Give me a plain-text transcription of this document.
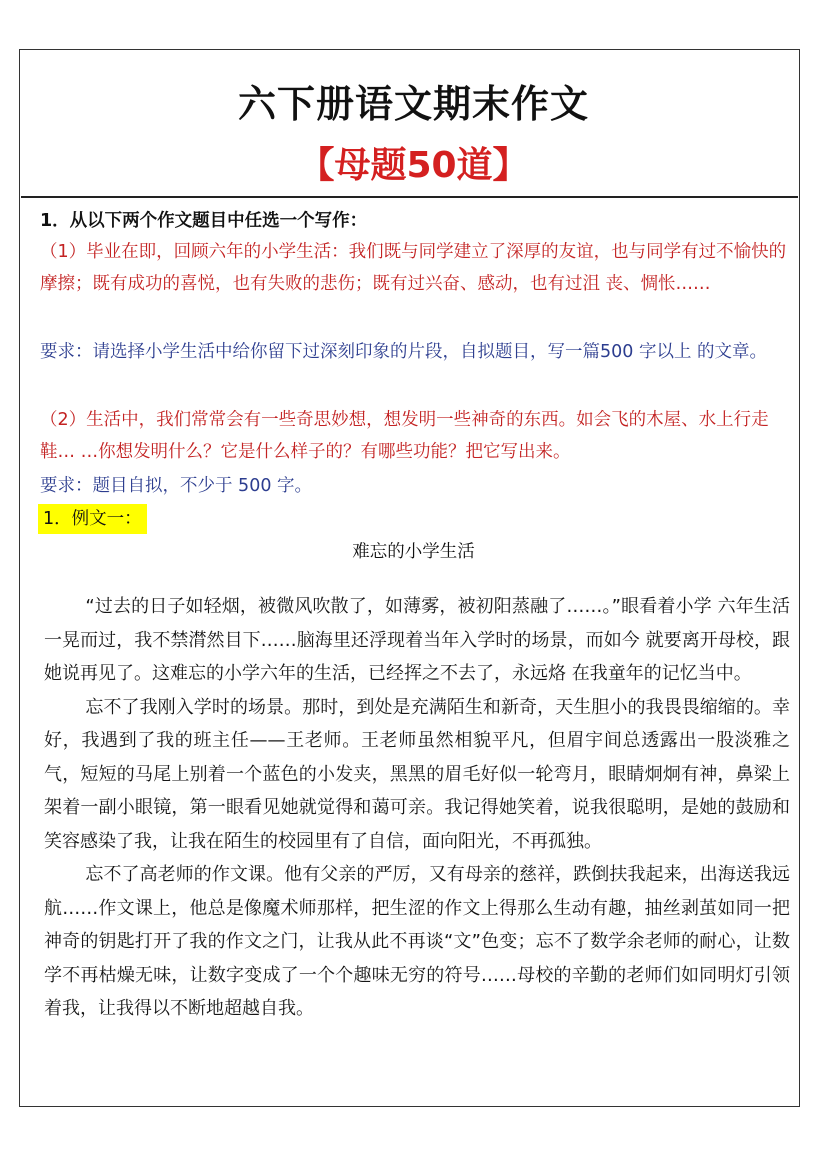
六下册语文期末作文
【母题50道】
1．从以下两个作文题目中任选一个写作：
（1）毕业在即，回顾六年的小学生活：我们既与同学建立了深厚的友谊，也与同学有过不愉快的摩擦；既有成功的喜悦，也有失败的悲伤；既有过兴奋、感动，也有过沮 丧、惆怅……
要求：请选择小学生活中给你留下过深刻印象的片段，自拟题目，写一篇500 字以上 的文章。
（2）生活中，我们常常会有一些奇思妙想，想发明一些神奇的东西。如会飞的木屋、水上行走鞋… …你想发明什么？它是什么样子的？有哪些功能？把它写出来。
要求：题目自拟，不少于 500 字。
1．例文一：
难忘的小学生活

“过去的日子如轻烟，被微风吹散了，如薄雾，被初阳蒸融了……。”眼看着小学 六年生活一晃而过，我不禁潸然目下……脑海里还浮现着当年入学时的场景，而如今 就要离开母校，跟她说再见了。这难忘的小学六年的生活，已经挥之不去了，永远烙 在我童年的记忆当中。

忘不了我刚入学时的场景。那时，到处是充满陌生和新奇，天生胆小的我畏畏缩缩的。幸好，我遇到了我的班主任——王老师。王老师虽然相貌平凡，但眉宇间总透露出一股淡雅之气，短短的马尾上别着一个蓝色的小发夹，黑黑的眉毛好似一轮弯月，眼睛炯炯有神，鼻梁上架着一副小眼镜，第一眼看见她就觉得和蔼可亲。我记得她笑着，说我很聪明，是她的鼓励和笑容感染了我，让我在陌生的校园里有了自信，面向阳光，不再孤独。

忘不了高老师的作文课。他有父亲的严厉，又有母亲的慈祥，跌倒扶我起来，出海送我远航……作文课上，他总是像魔术师那样，把生涩的作文上得那么生动有趣，抽丝剥茧如同一把神奇的钥匙打开了我的作文之门，让我从此不再谈“文”色变；忘不了数学余老师的耐心，让数学不再枯燥无味，让数字变成了一个个趣味无穷的符号……母校的辛勤的老师们如同明灯引领着我，让我得以不断地超越自我。
